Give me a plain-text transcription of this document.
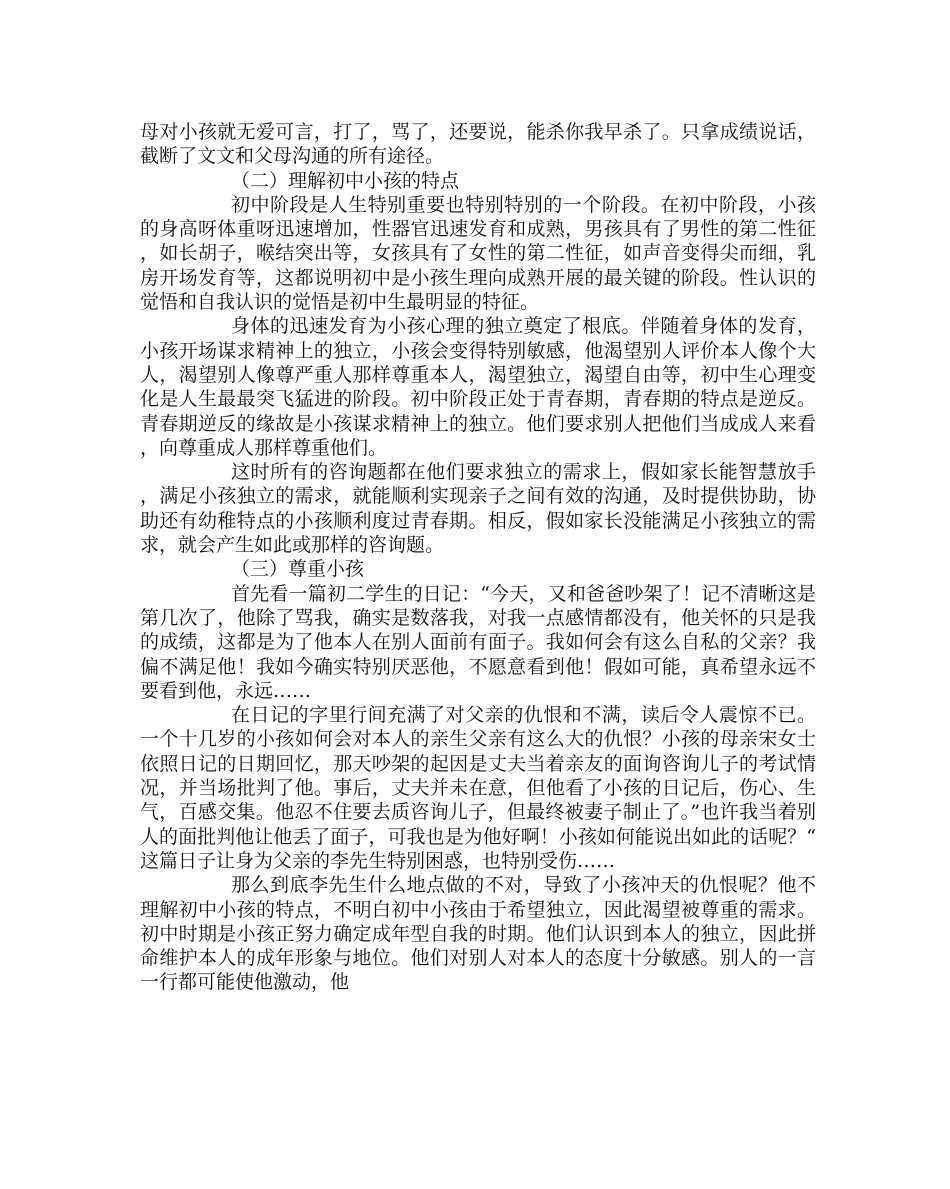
母对小孩就无爱可言，打了，骂了，还要说，能杀你我早杀了。只拿成绩说话，截断了文文和父母沟通的所有途径。

（二）理解初中小孩的特点

初中阶段是人生特别重要也特别特别的一个阶段。在初中阶段，小孩的身高呀体重呀迅速增加，性器官迅速发育和成熟，男孩具有了男性的第二性征，如长胡子，喉结突出等，女孩具有了女性的第二性征，如声音变得尖而细，乳房开场发育等，这都说明初中是小孩生理向成熟开展的最关键的阶段。性认识的觉悟和自我认识的觉悟是初中生最明显的特征。

身体的迅速发育为小孩心理的独立奠定了根底。伴随着身体的发育，小孩开场谋求精神上的独立，小孩会变得特别敏感，他渴望别人评价本人像个大人，渴望别人像尊严重人那样尊重本人，渴望独立，渴望自由等，初中生心理变化是人生最最突飞猛进的阶段。初中阶段正处于青春期，青春期的特点是逆反。青春期逆反的缘故是小孩谋求精神上的独立。他们要求别人把他们当成成人来看，向尊重成人那样尊重他们。

这时所有的咨询题都在他们要求独立的需求上，假如家长能智慧放手，满足小孩独立的需求，就能顺利实现亲子之间有效的沟通，及时提供协助，协助还有幼稚特点的小孩顺利度过青春期。相反，假如家长没能满足小孩独立的需求，就会产生如此或那样的咨询题。

（三）尊重小孩

首先看一篇初二学生的日记：“今天，又和爸爸吵架了！记不清晰这是第几次了，他除了骂我，确实是数落我，对我一点感情都没有，他关怀的只是我的成绩，这都是为了他本人在别人面前有面子。我如何会有这么自私的父亲？我偏不满足他！我如今确实特别厌恶他，不愿意看到他！假如可能，真希望永远不要看到他，永远……

在日记的字里行间充满了对父亲的仇恨和不满，读后令人震惊不已。一个十几岁的小孩如何会对本人的亲生父亲有这么大的仇恨？小孩的母亲宋女士依照日记的日期回忆，那天吵架的起因是丈夫当着亲友的面询咨询儿子的考试情况，并当场批判了他。事后，丈夫并未在意，但他看了小孩的日记后，伤心、生气，百感交集。他忍不住要去质咨询儿子，但最终被妻子制止了。”也许我当着别人的面批判他让他丢了面子，可我也是为他好啊！小孩如何能说出如此的话呢？“这篇日子让身为父亲的李先生特别困惑，也特别受伤……

那么到底李先生什么地点做的不对，导致了小孩冲天的仇恨呢？他不理解初中小孩的特点，不明白初中小孩由于希望独立，因此渴望被尊重的需求。初中时期是小孩正努力确定成年型自我的时期。他们认识到本人的独立，因此拼命维护本人的成年形象与地位。他们对别人对本人的态度十分敏感。别人的一言一行都可能使他激动，他
